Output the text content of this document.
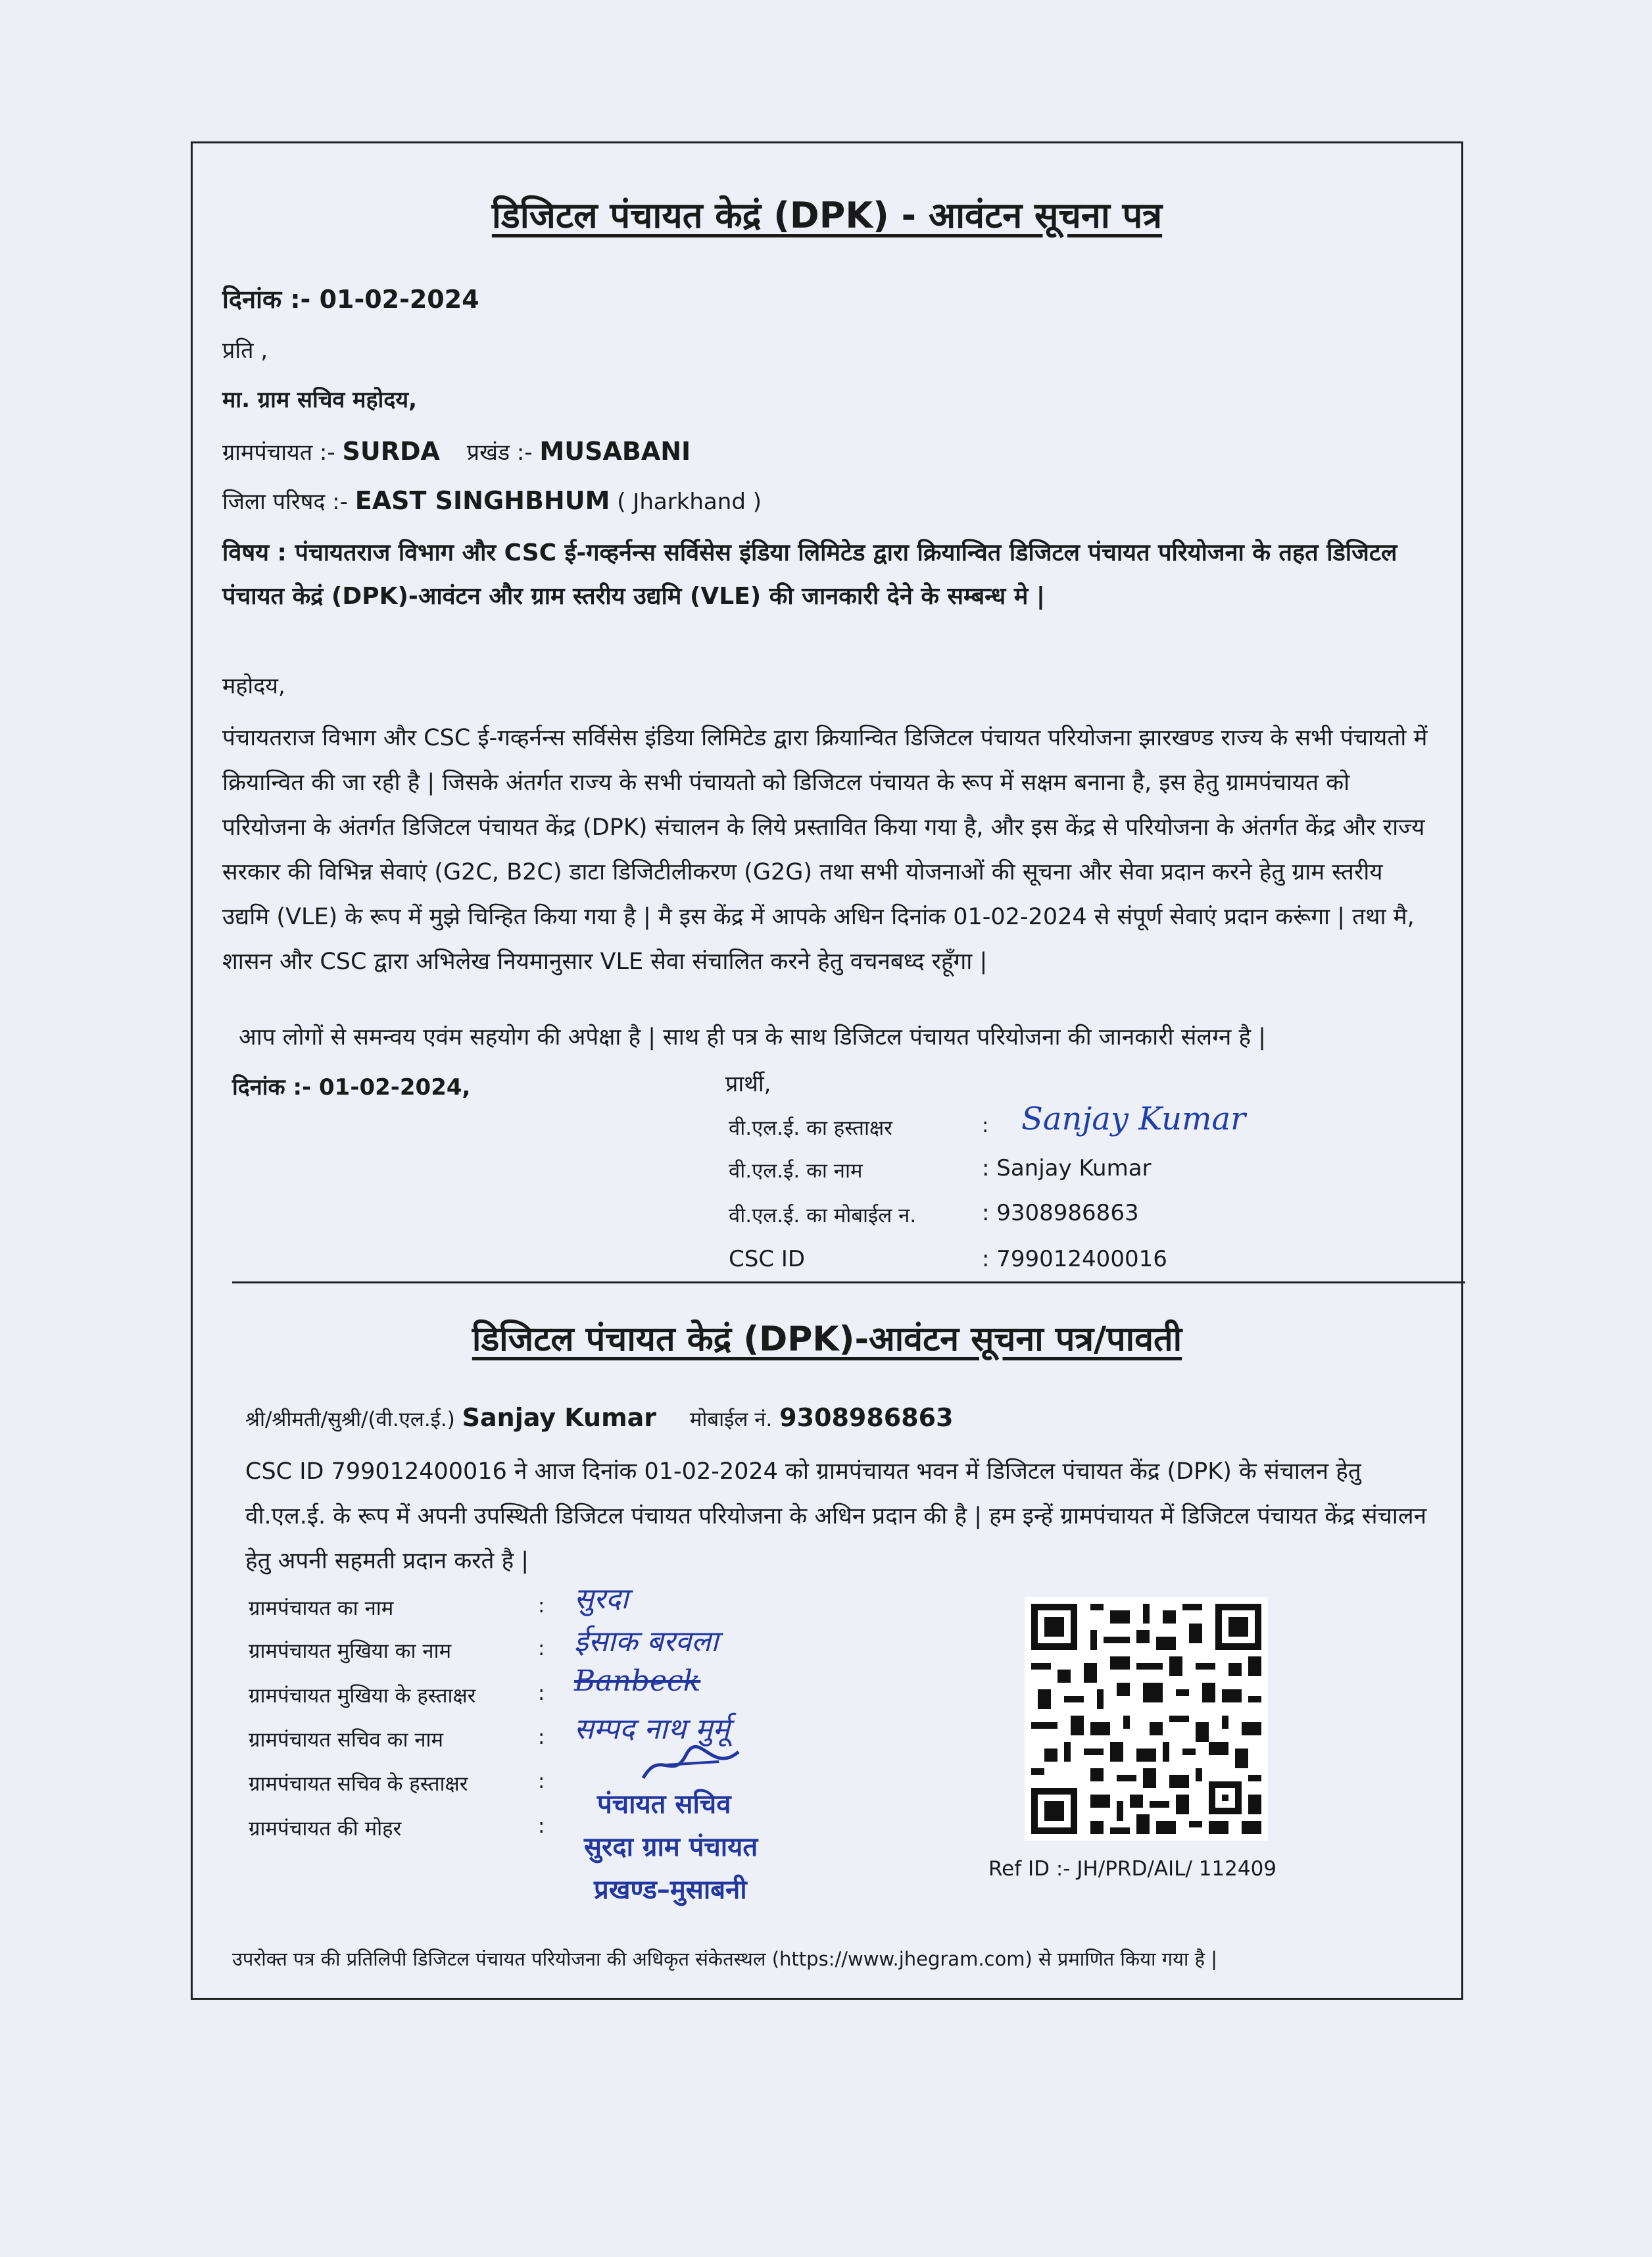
डिजिटल पंचायत केद्रं (DPK) - आवंटन सूचना पत्र
दिनांक :- 01-02-2024
प्रति ,
मा. ग्राम सचिव महोदय,
ग्रामपंचायत :- SURDA प्रखंड :- MUSABANI
जिला परिषद :- EAST SINGHBHUM ( Jharkhand )
विषय : पंचायतराज विभाग और CSC ई-गव्हर्नन्स सर्विसेस इंडिया लिमिटेड द्वारा क्रियान्वित डिजिटल पंचायत परियोजना के तहत डिजिटल पंचायत केद्रं (DPK)-आवंटन और ग्राम स्तरीय उद्यमि (VLE) की जानकारी देने के सम्बन्ध मे |
महोदय,
पंचायतराज विभाग और CSC ई-गव्हर्नन्स सर्विसेस इंडिया लिमिटेड द्वारा क्रियान्वित डिजिटल पंचायत परियोजना झारखण्ड राज्य के सभी पंचायतो में क्रियान्वित की जा रही है | जिसके अंतर्गत राज्य के सभी पंचायतो को डिजिटल पंचायत के रूप में सक्षम बनाना है, इस हेतु ग्रामपंचायत को परियोजना के अंतर्गत डिजिटल पंचायत केंद्र (DPK) संचालन के लिये प्रस्तावित किया गया है, और इस केंद्र से परियोजना के अंतर्गत केंद्र और राज्य सरकार की विभिन्न सेवाएं (G2C, B2C) डाटा डिजिटीलीकरण (G2G) तथा सभी योजनाओं की सूचना और सेवा प्रदान करने हेतु ग्राम स्तरीय उद्यमि (VLE) के रूप में मुझे चिन्हित किया गया है | मै इस केंद्र में आपके अधिन दिनांक 01-02-2024 से संपूर्ण सेवाएं प्रदान करूंगा | तथा मै, शासन और CSC द्वारा अभिलेख नियमानुसार VLE सेवा संचालित करने हेतु वचनबध्द रहूँगा |
आप लोगों से समन्वय एवंम सहयोग की अपेक्षा है | साथ ही पत्र के साथ डिजिटल पंचायत परियोजना की जानकारी संलग्न है |
दिनांक :- 01-02-2024,	प्रार्थी,
वी.एल.ई. का हस्ताक्षर	: Sanjay Kumar
वी.एल.ई. का नाम	: Sanjay Kumar
वी.एल.ई. का मोबाईल न.	: 9308986863
CSC ID	: 799012400016
डिजिटल पंचायत केद्रं (DPK)-आवंटन सूचना पत्र/पावती
श्री/श्रीमती/सुश्री/(वी.एल.ई.) Sanjay Kumar मोबाईल नं. 9308986863
CSC ID 799012400016 ने आज दिनांक 01-02-2024 को ग्रामपंचायत भवन में डिजिटल पंचायत केंद्र (DPK) के संचालन हेतु वी.एल.ई. के रूप में अपनी उपस्थिती डिजिटल पंचायत परियोजना के अधिन प्रदान की है | हम इन्हें ग्रामपंचायत में डिजिटल पंचायत केंद्र संचालन हेतु अपनी सहमती प्रदान करते है |
ग्रामपंचायत का नाम	: सुरदा
ग्रामपंचायत मुखिया का नाम	: ईसाक बरवला
ग्रामपंचायत मुखिया के हस्ताक्षर	: Banbeck
ग्रामपंचायत सचिव का नाम	: सम्पद नाथ मुर्मू
ग्रामपंचायत सचिव के हस्ताक्षर	:
ग्रामपंचायत की मोहर	:
पंचायत सचिव
सुरदा ग्राम पंचायत
प्रखण्ड–मुसाबनी
Ref ID :- JH/PRD/AIL/ 112409
उपरोक्त पत्र की प्रतिलिपी डिजिटल पंचायत परियोजना की अधिकृत संकेतस्थल (https://www.jhegram.com) से प्रमाणित किया गया है |
